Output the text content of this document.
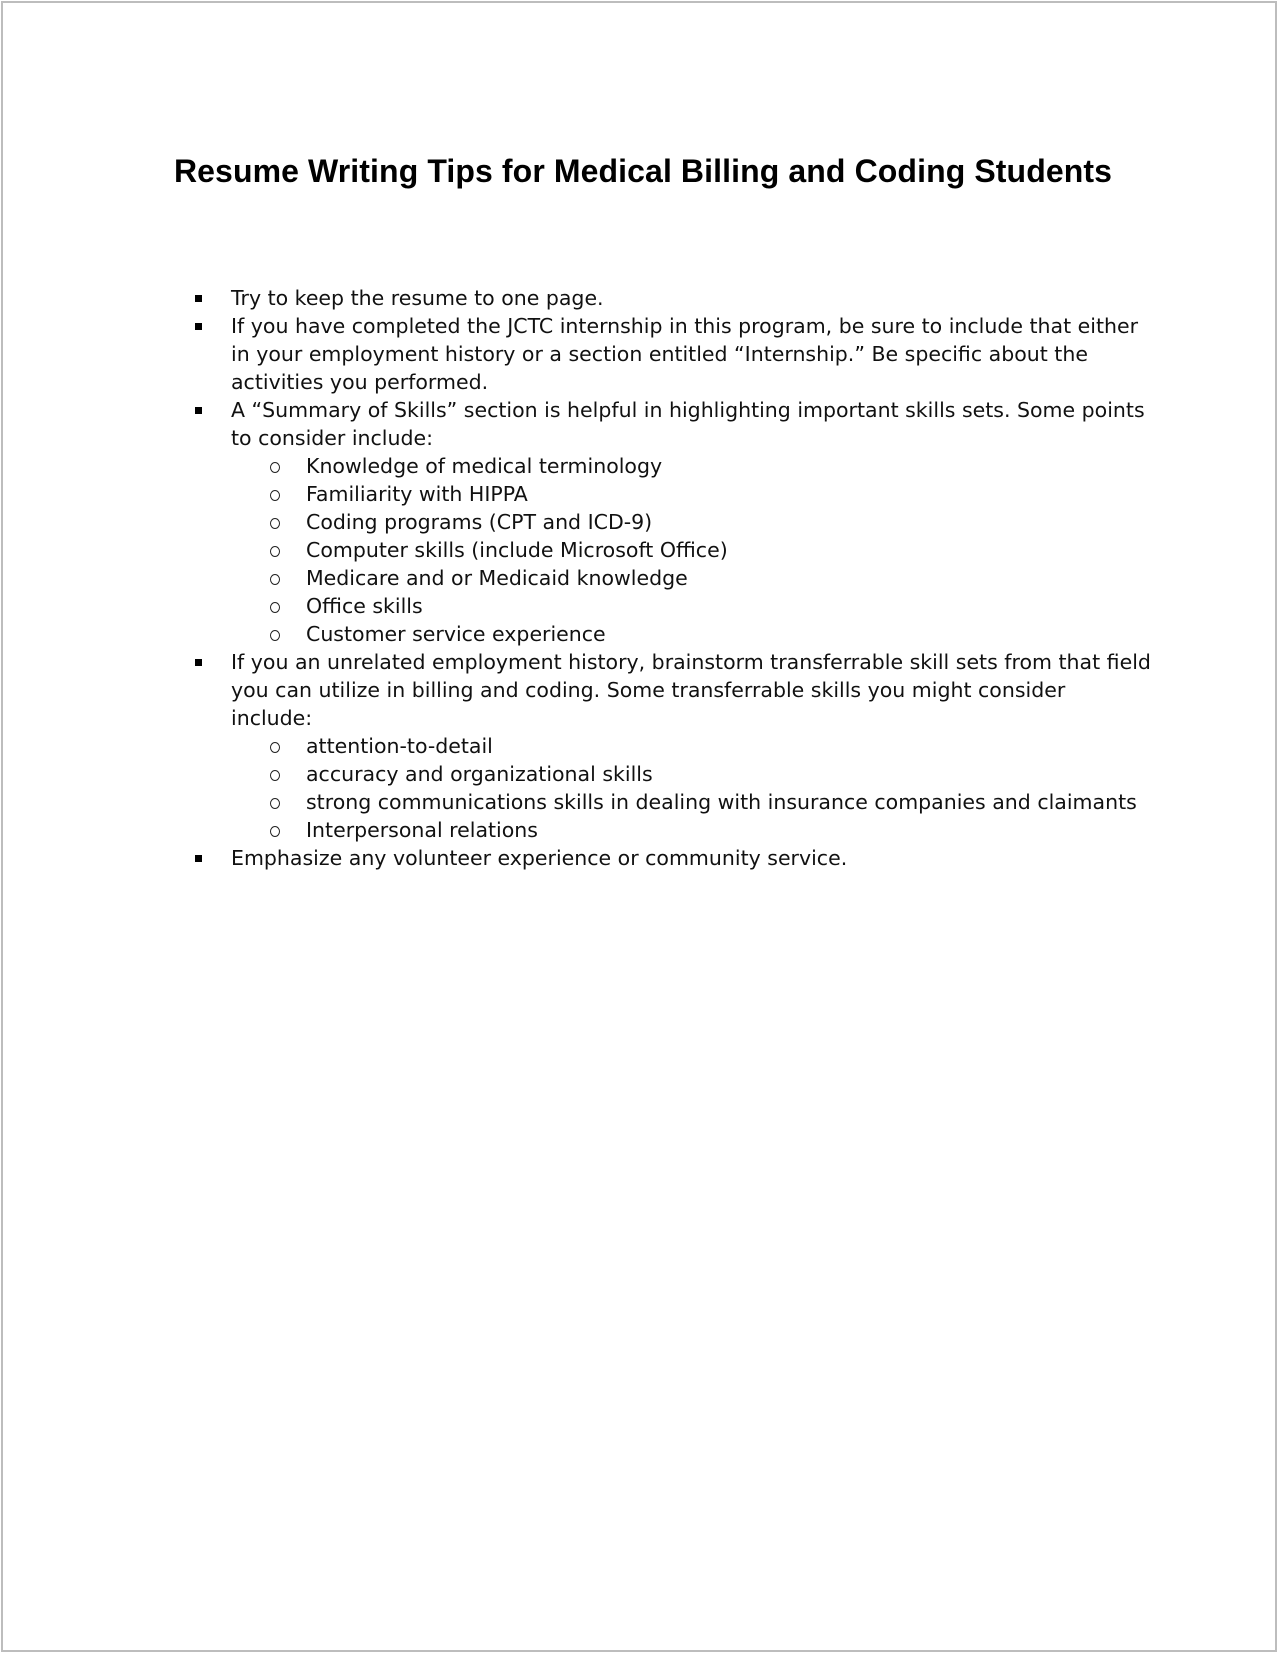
Resume Writing Tips for Medical Billing and Coding Students
Try to keep the resume to one page.
If you have completed the JCTC internship in this program, be sure to include that either in your employment history or a section entitled “Internship.” Be specific about the activities you performed.
A “Summary of Skills” section is helpful in highlighting important skills sets. Some points to consider include:
Knowledge of medical terminology
Familiarity with HIPPA
Coding programs (CPT and ICD-9)
Computer skills (include Microsoft Office)
Medicare and or Medicaid knowledge
Office skills
Customer service experience
If you an unrelated employment history, brainstorm transferrable skill sets from that field you can utilize in billing and coding. Some transferrable skills you might consider include:
attention-to-detail
accuracy and organizational skills
strong communications skills in dealing with insurance companies and claimants
Interpersonal relations
Emphasize any volunteer experience or community service.
